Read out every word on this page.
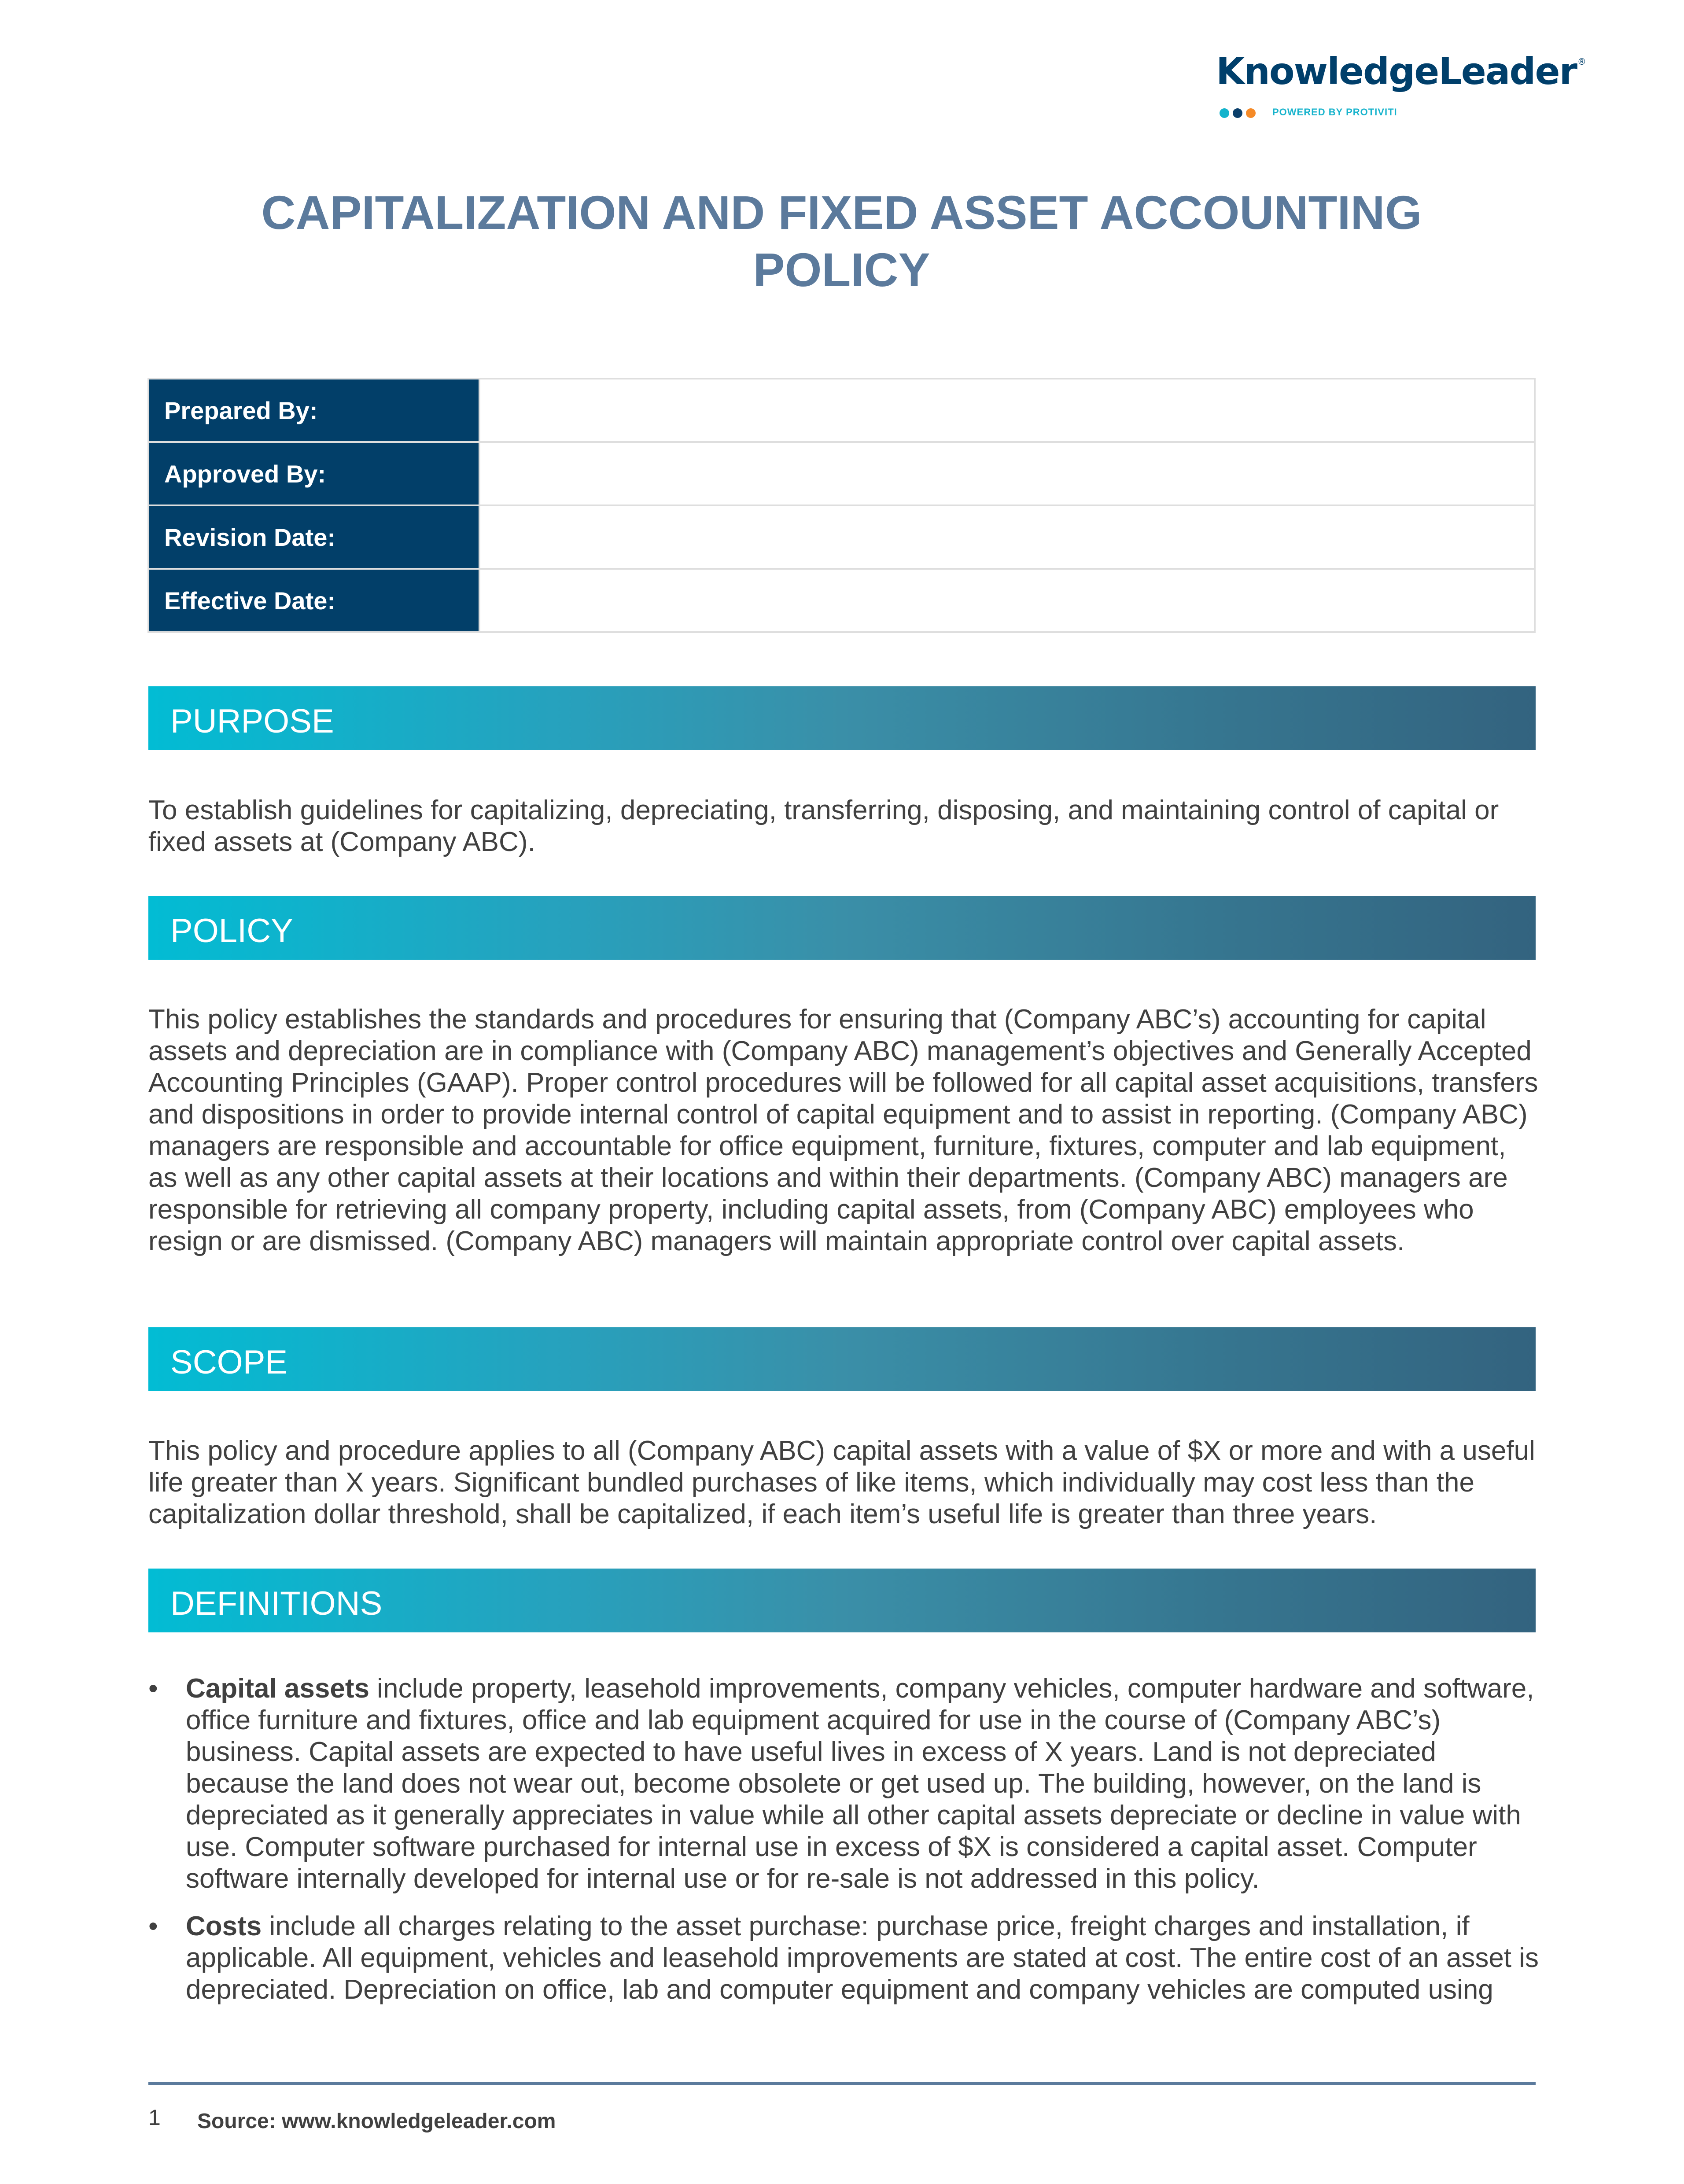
KnowledgeLeader ®
POWERED BY PROTIVITI
CAPITALIZATION AND FIXED ASSET ACCOUNTING
POLICY
Prepared By:	
Approved By:	
Revision Date:	
Effective Date:	
PURPOSE

To establish guidelines for capitalizing, depreciating, transferring, disposing, and maintaining control of capital or fixed assets at (Company ABC).

POLICY

This policy establishes the standards and procedures for ensuring that (Company ABC’s) accounting for capital assets and depreciation are in compliance with (Company ABC) management’s objectives and Generally Accepted Accounting Principles (GAAP). Proper control procedures will be followed for all capital asset acquisitions, transfers and dispositions in order to provide internal control of capital equipment and to assist in reporting. (Company ABC) managers are responsible and accountable for office equipment, furniture, fixtures, computer and lab equipment, as well as any other capital assets at their locations and within their departments. (Company ABC) managers are responsible for retrieving all company property, including capital assets, from (Company ABC) employees who resign or are dismissed. (Company ABC) managers will maintain appropriate control over capital assets.

SCOPE

This policy and procedure applies to all (Company ABC) capital assets with a value of $X or more and with a useful life greater than X years. Significant bundled purchases of like items, which individually may cost less than the capitalization dollar threshold, shall be capitalized, if each item’s useful life is greater than three years.

DEFINITIONS
• Capital assets include property, leasehold improvements, company vehicles, computer hardware and software, office furniture and fixtures, office and lab equipment acquired for use in the course of (Company ABC’s) business. Capital assets are expected to have useful lives in excess of X years. Land is not depreciated because the land does not wear out, become obsolete or get used up. The building, however, on the land is depreciated as it generally appreciates in value while all other capital assets depreciate or decline in value with use. Computer software purchased for internal use in excess of $X is considered a capital asset. Computer software internally developed for internal use or for re-sale is not addressed in this policy.
• Costs include all charges relating to the asset purchase: purchase price, freight charges and installation, if applicable. All equipment, vehicles and leasehold improvements are stated at cost. The entire cost of an asset is depreciated. Depreciation on office, lab and computer equipment and company vehicles are computed using
1 Source: www.knowledgeleader.com
